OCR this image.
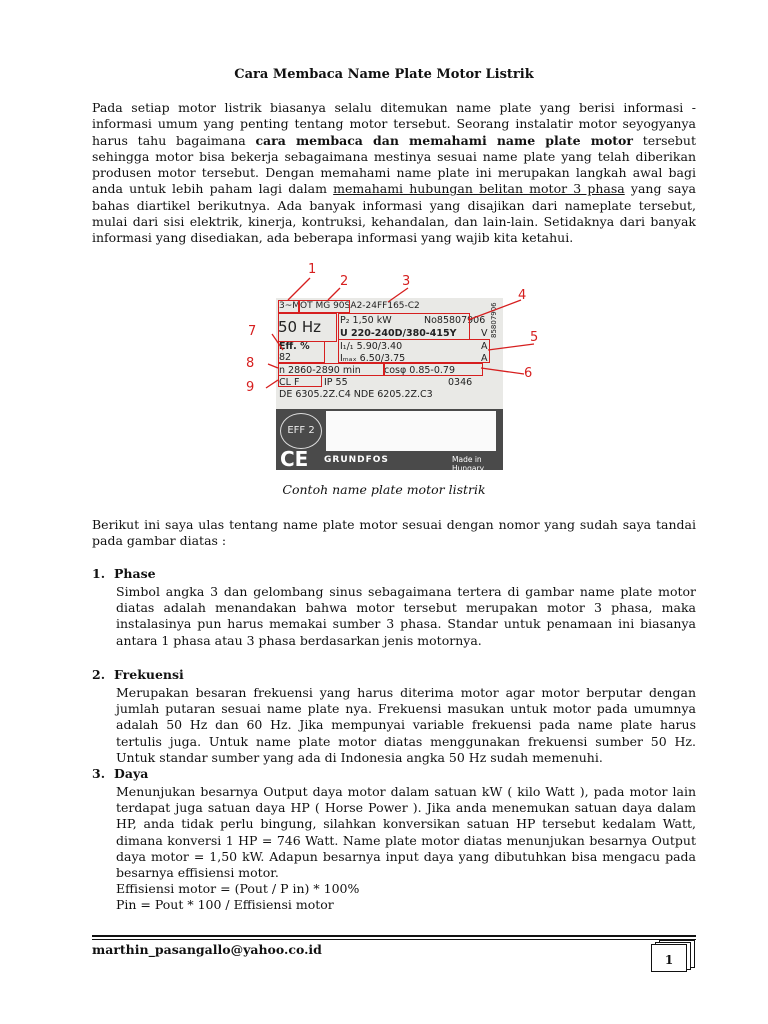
Cara Membaca Name Plate Motor Listrik
Pada setiap motor listrik biasanya selalu ditemukan name plate yang berisi informasi - informasi umum yang penting tentang motor tersebut. Seorang instalatir motor seyogyanya harus tahu bagaimana cara membaca dan memahami name plate motor tersebut sehingga motor bisa bekerja sebagaimana mestinya sesuai name plate yang telah diberikan produsen motor tersebut. Dengan memahami name plate ini merupakan langkah awal bagi anda untuk lebih paham lagi dalam memahami hubungan belitan motor 3 phasa yang saya bahas diartikel berikutnya. Ada banyak informasi yang disajikan dari nameplate tersebut, mulai dari sisi elektrik, kinerja, kontruksi, kehandalan, dan lain-lain. Setidaknya dari banyak informasi yang disediakan, ada beberapa informasi yang wajib kita ketahui.
3~MOT MG 90SA2-24FF165-C2
50 Hz P₂ 1,50 kW	No85807906
U 220-240D/380-415Y	V
Eff. %
82
I₁/₁ 5.90/3.40	A
Iₘₐₓ 6.50/3.75	A
n 2860-2890 min cosφ 0.85-0.79
CL F	IP 55	0346
DE 6305.2Z.C4 NDE 6205.2Z.C3
85807906
EFF 2
CE GRUNDFOS	Made in
Hungary
1
2	3
4
5
6
7
8
9
Contoh name plate motor listrik
Berikut ini saya ulas tentang name plate motor sesuai dengan nomor yang sudah saya tandai pada gambar diatas :
1. Phase
Simbol angka 3 dan gelombang sinus sebagaimana tertera di gambar name plate motor diatas adalah menandakan bahwa motor tersebut merupakan motor 3 phasa, maka instalasinya pun harus memakai sumber 3 phasa. Standar untuk penamaan ini biasanya antara 1 phasa atau 3 phasa berdasarkan jenis motornya.
2. Frekuensi
Merupakan besaran frekuensi yang harus diterima motor agar motor berputar dengan jumlah putaran sesuai name plate nya. Frekuensi masukan untuk motor pada umumnya adalah 50 Hz dan 60 Hz. Jika mempunyai variable frekuensi pada name plate harus tertulis juga. Untuk name plate motor diatas menggunakan frekuensi sumber 50 Hz. Untuk standar sumber yang ada di Indonesia angka 50 Hz sudah memenuhi.
3. Daya
Menunjukan besarnya Output daya motor dalam satuan kW ( kilo Watt ), pada motor lain terdapat juga satuan daya HP ( Horse Power ). Jika anda menemukan satuan daya dalam HP, anda tidak perlu bingung, silahkan konversikan satuan HP tersebut kedalam Watt, dimana konversi 1 HP = 746 Watt. Name plate motor diatas menunjukan besarnya Output daya motor = 1,50 kW. Adapun besarnya input daya yang dibutuhkan bisa mengacu pada besarnya effisiensi motor.
Effisiensi motor = (Pout / P in) * 100%
Pin = Pout * 100 / Effisiensi motor
marthin_pasangallo@yahoo.co.id
1
